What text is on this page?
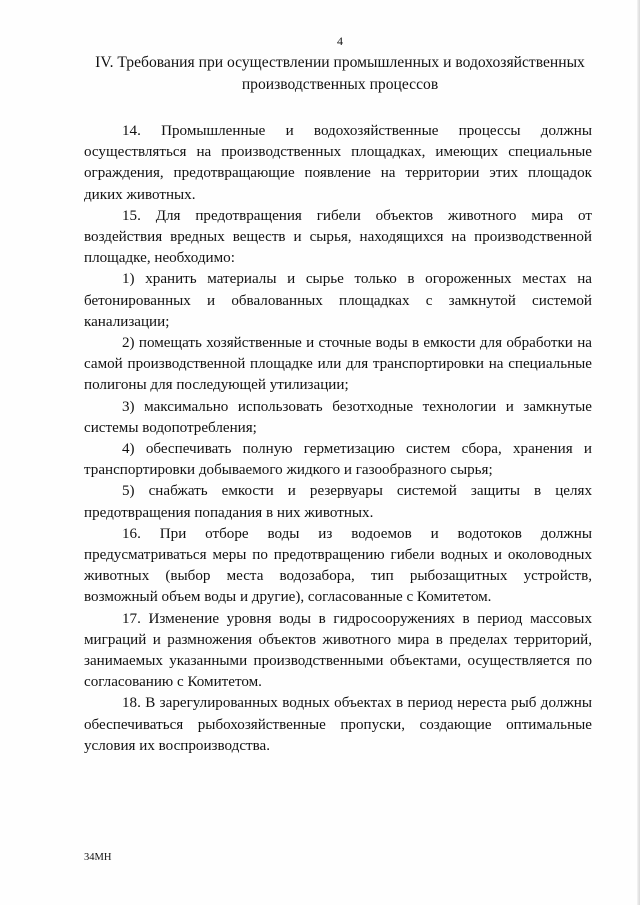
4
IV. Требования при осуществлении промышленных и водохозяйственных
производственных процессов

14. Промышленные и водохозяйственные процессы должны осуществляться на производственных площадках, имеющих специальные ограждения, предотвращающие появление на территории этих площадок диких животных.

15. Для предотвращения гибели объектов животного мира от воздействия вредных веществ и сырья, находящихся на производственной площадке, необходимо:

1) хранить материалы и сырье только в огороженных местах на бетонированных и обвалованных площадках с замкнутой системой канализации;

2) помещать хозяйственные и сточные воды в емкости для обработки на самой производственной площадке или для транспортировки на специальные полигоны для последующей утилизации;

3) максимально использовать безотходные технологии и замкнутые системы водопотребления;

4) обеспечивать полную герметизацию систем сбора, хранения и транспортировки добываемого жидкого и газообразного сырья;

5) снабжать емкости и резервуары системой защиты в целях предотвращения попадания в них животных.

16. При отборе воды из водоемов и водотоков должны предусматриваться меры по предотвращению гибели водных и околоводных животных (выбор места водозабора, тип рыбозащитных устройств, возможный объем воды и другие), согласованные с Комитетом.

17. Изменение уровня воды в гидросооружениях в период массовых миграций и размножения объектов животного мира в пределах территорий, занимаемых указанными производственными объектами, осуществляется по согласованию с Комитетом.

18. В зарегулированных водных объектах в период нереста рыб должны обеспечиваться рыбохозяйственные пропуски, создающие оптимальные условия их воспроизводства.

34МН
